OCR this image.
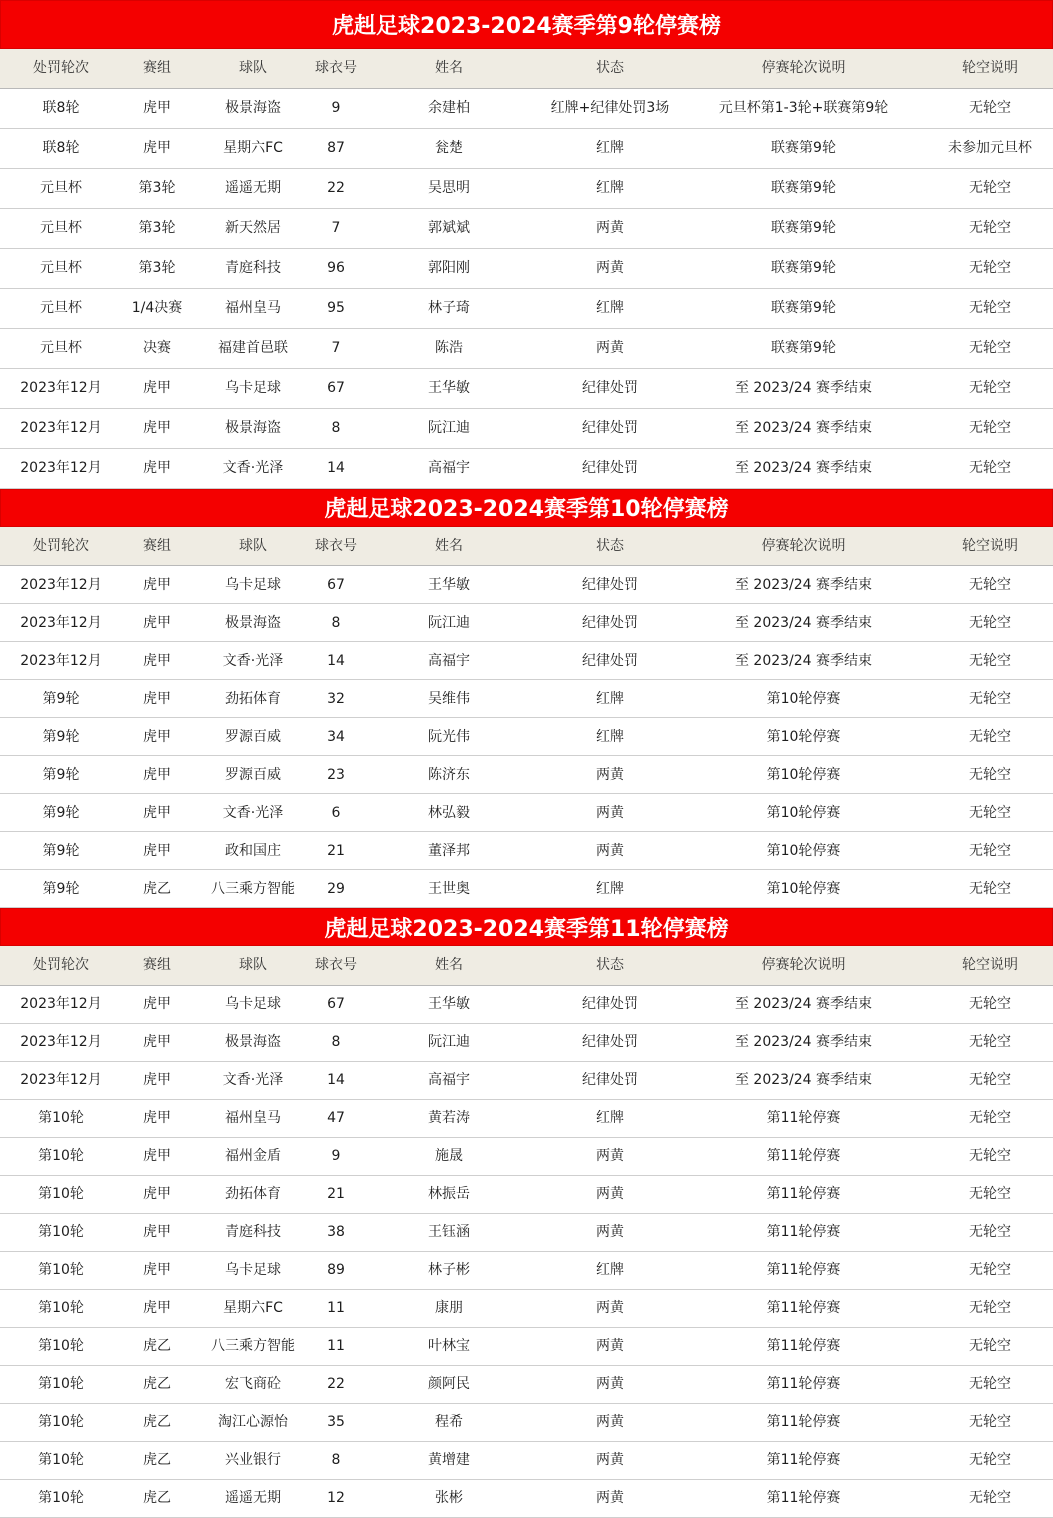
虎赳足球2023-2024赛季第9轮停赛榜
处罚轮次	赛组	球队	球衣号	姓名	状态	停赛轮次说明	轮空说明
联8轮	虎甲	极景海盗	9	余建柏	红牌+纪律处罚3场	元旦杯第1-3轮+联赛第9轮	无轮空
联8轮	虎甲	星期六FC	87	瓮楚	红牌	联赛第9轮	未参加元旦杯
元旦杯	第3轮	遥遥无期	22	吴思明	红牌	联赛第9轮	无轮空
元旦杯	第3轮	新天然居	7	郭斌斌	两黄	联赛第9轮	无轮空
元旦杯	第3轮	青庭科技	96	郭阳刚	两黄	联赛第9轮	无轮空
元旦杯	1/4决赛	福州皇马	95	林子琦	红牌	联赛第9轮	无轮空
元旦杯	决赛	福建首邑联	7	陈浩	两黄	联赛第9轮	无轮空
2023年12月	虎甲	乌卡足球	67	王华敏	纪律处罚	至 2023/24 赛季结束	无轮空
2023年12月	虎甲	极景海盗	8	阮江迪	纪律处罚	至 2023/24 赛季结束	无轮空
2023年12月	虎甲	文香·光泽	14	高福宇	纪律处罚	至 2023/24 赛季结束	无轮空
虎赳足球2023-2024赛季第10轮停赛榜
处罚轮次	赛组	球队	球衣号	姓名	状态	停赛轮次说明	轮空说明
2023年12月	虎甲	乌卡足球	67	王华敏	纪律处罚	至 2023/24 赛季结束	无轮空
2023年12月	虎甲	极景海盗	8	阮江迪	纪律处罚	至 2023/24 赛季结束	无轮空
2023年12月	虎甲	文香·光泽	14	高福宇	纪律处罚	至 2023/24 赛季结束	无轮空
第9轮	虎甲	劲拓体育	32	吴维伟	红牌	第10轮停赛	无轮空
第9轮	虎甲	罗源百威	34	阮光伟	红牌	第10轮停赛	无轮空
第9轮	虎甲	罗源百威	23	陈济东	两黄	第10轮停赛	无轮空
第9轮	虎甲	文香·光泽	6	林弘毅	两黄	第10轮停赛	无轮空
第9轮	虎甲	政和国庄	21	董泽邦	两黄	第10轮停赛	无轮空
第9轮	虎乙	八三乘方智能	29	王世奥	红牌	第10轮停赛	无轮空
虎赳足球2023-2024赛季第11轮停赛榜
处罚轮次	赛组	球队	球衣号	姓名	状态	停赛轮次说明	轮空说明
2023年12月	虎甲	乌卡足球	67	王华敏	纪律处罚	至 2023/24 赛季结束	无轮空
2023年12月	虎甲	极景海盗	8	阮江迪	纪律处罚	至 2023/24 赛季结束	无轮空
2023年12月	虎甲	文香·光泽	14	高福宇	纪律处罚	至 2023/24 赛季结束	无轮空
第10轮	虎甲	福州皇马	47	黄若涛	红牌	第11轮停赛	无轮空
第10轮	虎甲	福州金盾	9	施晟	两黄	第11轮停赛	无轮空
第10轮	虎甲	劲拓体育	21	林振岳	两黄	第11轮停赛	无轮空
第10轮	虎甲	青庭科技	38	王钰涵	两黄	第11轮停赛	无轮空
第10轮	虎甲	乌卡足球	89	林子彬	红牌	第11轮停赛	无轮空
第10轮	虎甲	星期六FC	11	康朋	两黄	第11轮停赛	无轮空
第10轮	虎乙	八三乘方智能	11	叶林宝	两黄	第11轮停赛	无轮空
第10轮	虎乙	宏飞商砼	22	颜阿民	两黄	第11轮停赛	无轮空
第10轮	虎乙	淘江心源怡	35	程希	两黄	第11轮停赛	无轮空
第10轮	虎乙	兴业银行	8	黄增建	两黄	第11轮停赛	无轮空
第10轮	虎乙	遥遥无期	12	张彬	两黄	第11轮停赛	无轮空
